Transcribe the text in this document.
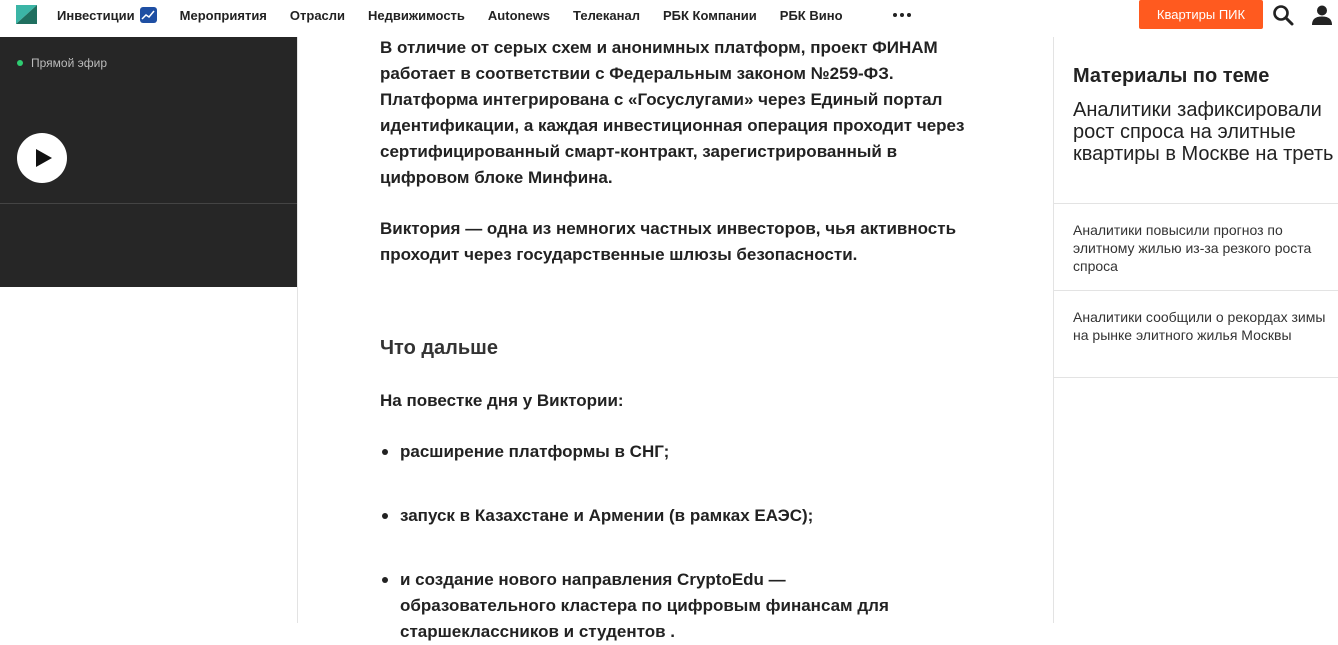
Инвестиции	Мероприятия Отрасли Недвижимость Autonews Телеканал РБК Компании РБК Вино	Квартиры ПИК
Прямой эфир

В отличие от серых схем и анонимных платформ, проект ФИНАМ работает в соответствии с Федеральным законом №259-ФЗ. Платформа интегрирована с «Госуслугами» через Единый портал идентификации, а каждая инвестиционная операция проходит через сертифицированный смарт-контракт, зарегистрированный в цифровом блоке Минфина.

Виктория — одна из немногих частных инвесторов, чья активность проходит через государственные шлюзы безопасности.

Что дальше

На повестке дня у Виктории:

расширение платформы в СНГ;
запуск в Казахстане и Армении (в рамках ЕАЭС);
и создание нового направления CryptoEdu — образовательного кластера по цифровым финансам для старшеклассников и студентов .
Материалы по теме
Аналитики зафиксировали рост спроса на элитные квартиры в Москве на треть
Аналитики повысили прогноз по элитному жилью из-за резкого роста спроса
Аналитики сообщили о рекордах зимы на рынке элитного жилья Москвы
